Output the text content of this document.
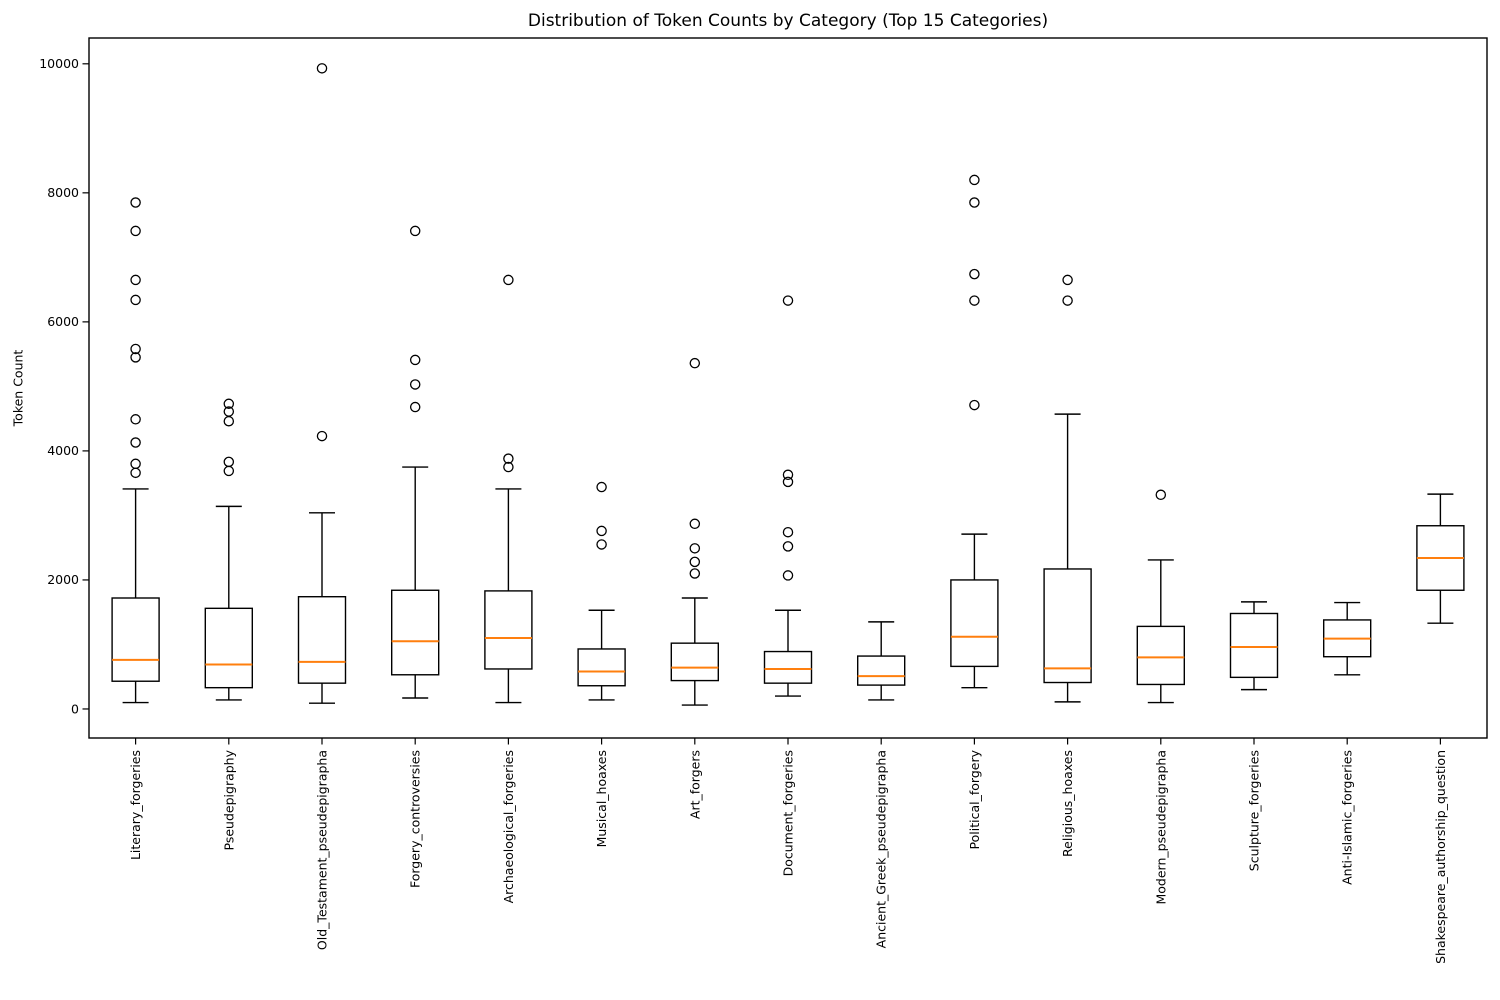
Distribution of Token Counts by Category (Top 15 Categories)
Token Count
0
2000
4000
6000
8000
10000
Literary_forgeries	Pseudepigraphy	Old_Testament_pseudepigrapha	Forgery_controversies	Archaeological_forgeries	Musical_hoaxes	Art_forgers	Document_forgeries	Ancient_Greek_pseudepigrapha	Political_forgery	Religious_hoaxes	Modern_pseudepigrapha	Sculpture_forgeries	Anti-Islamic_forgeries	Shakespeare_authorship_question
